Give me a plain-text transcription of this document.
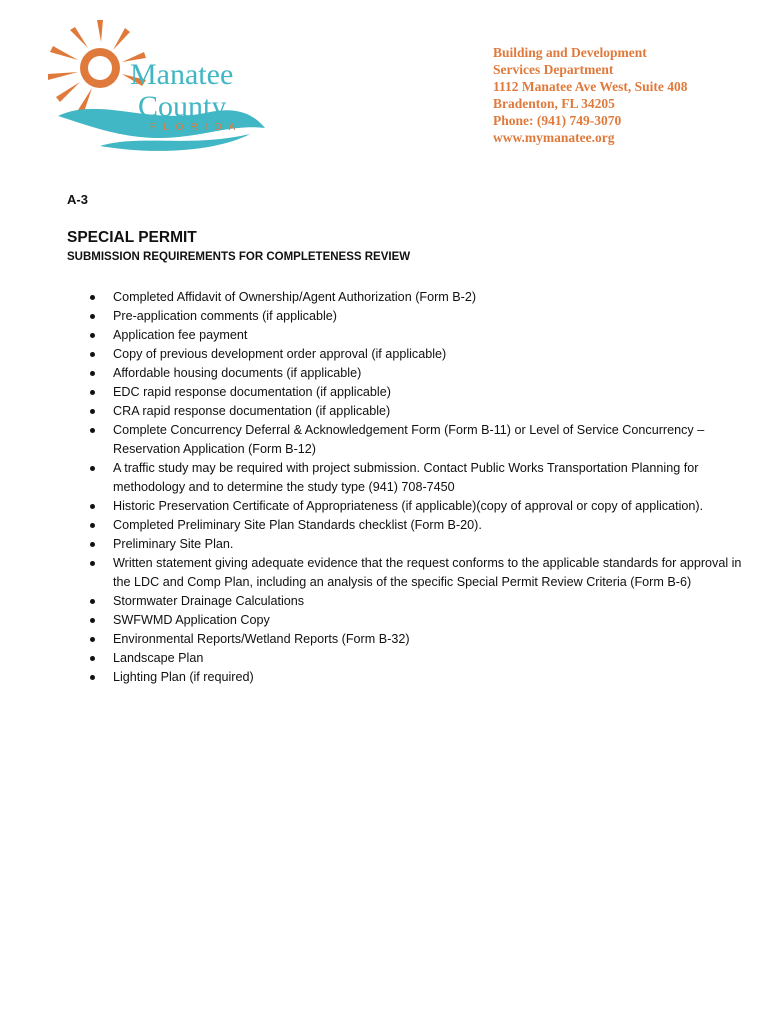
Manatee
County
FLORIDA
Building and Development
Services Department
1112 Manatee Ave West, Suite 408
Bradenton, FL 34205
Phone: (941) 749-3070
www.mymanatee.org
A-3
SPECIAL PERMIT
SUBMISSION REQUIREMENTS FOR COMPLETENESS REVIEW
Completed Affidavit of Ownership/Agent Authorization (Form B-2)
Pre-application comments (if applicable)
Application fee payment
Copy of previous development order approval (if applicable)
Affordable housing documents (if applicable)
EDC rapid response documentation (if applicable)
CRA rapid response documentation (if applicable)
Complete Concurrency Deferral & Acknowledgement Form (Form B-11) or Level of Service Concurrency – Reservation Application (Form B-12)
A traffic study may be required with project submission. Contact Public Works Transportation Planning for methodology and to determine the study type (941) 708-7450
Historic Preservation Certificate of Appropriateness (if applicable)(copy of approval or copy of application).
Completed Preliminary Site Plan Standards checklist (Form B-20).
Preliminary Site Plan.
Written statement giving adequate evidence that the request conforms to the applicable standards for approval in the LDC and Comp Plan, including an analysis of the specific Special Permit Review Criteria (Form B-6)
Stormwater Drainage Calculations
SWFWMD Application Copy
Environmental Reports/Wetland Reports (Form B-32)
Landscape Plan
Lighting Plan (if required)
